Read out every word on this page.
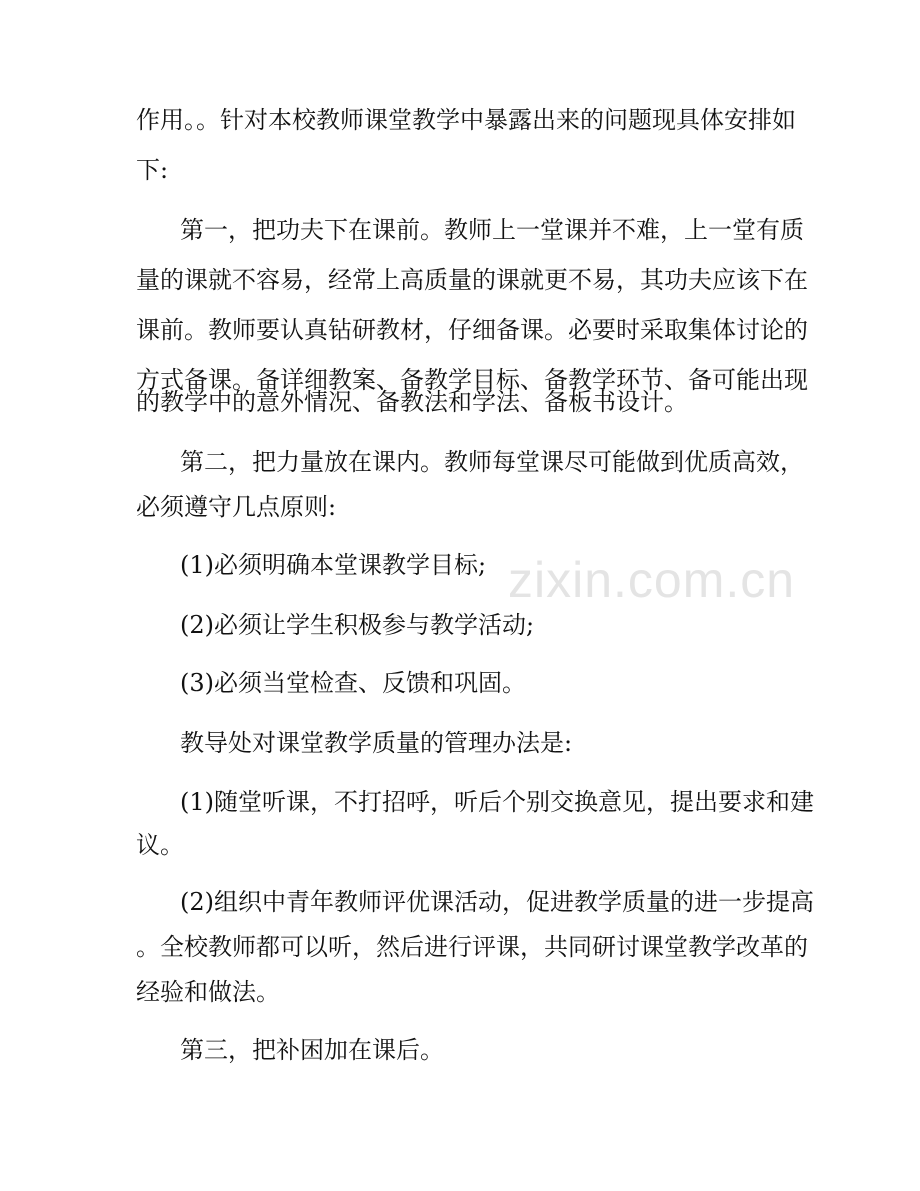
作用。。针对本校教师课堂教学中暴露出来的问题现具体安排如
下:
第一，把功夫下在课前。教师上一堂课并不难，上一堂有质
量的课就不容易，经常上高质量的课就更不易，其功夫应该下在
课前。教师要认真钻研教材，仔细备课。必要时采取集体讨论的
方式备课。备详细教案、备教学目标、备教学环节、备可能出现
的教学中的意外情况、备教法和学法、备板书设计。
第二，把力量放在课内。教师每堂课尽可能做到优质高效，
必须遵守几点原则:
(1)必须明确本堂课教学目标;
(2)必须让学生积极参与教学活动;
(3)必须当堂检查、反馈和巩固。
教导处对课堂教学质量的管理办法是:
(1)随堂听课，不打招呼，听后个别交换意见，提出要求和建
议。
(2)组织中青年教师评优课活动，促进教学质量的进一步提高
。全校教师都可以听，然后进行评课，共同研讨课堂教学改革的
经验和做法。
第三，把补困加在课后。
zixin.com.cn
